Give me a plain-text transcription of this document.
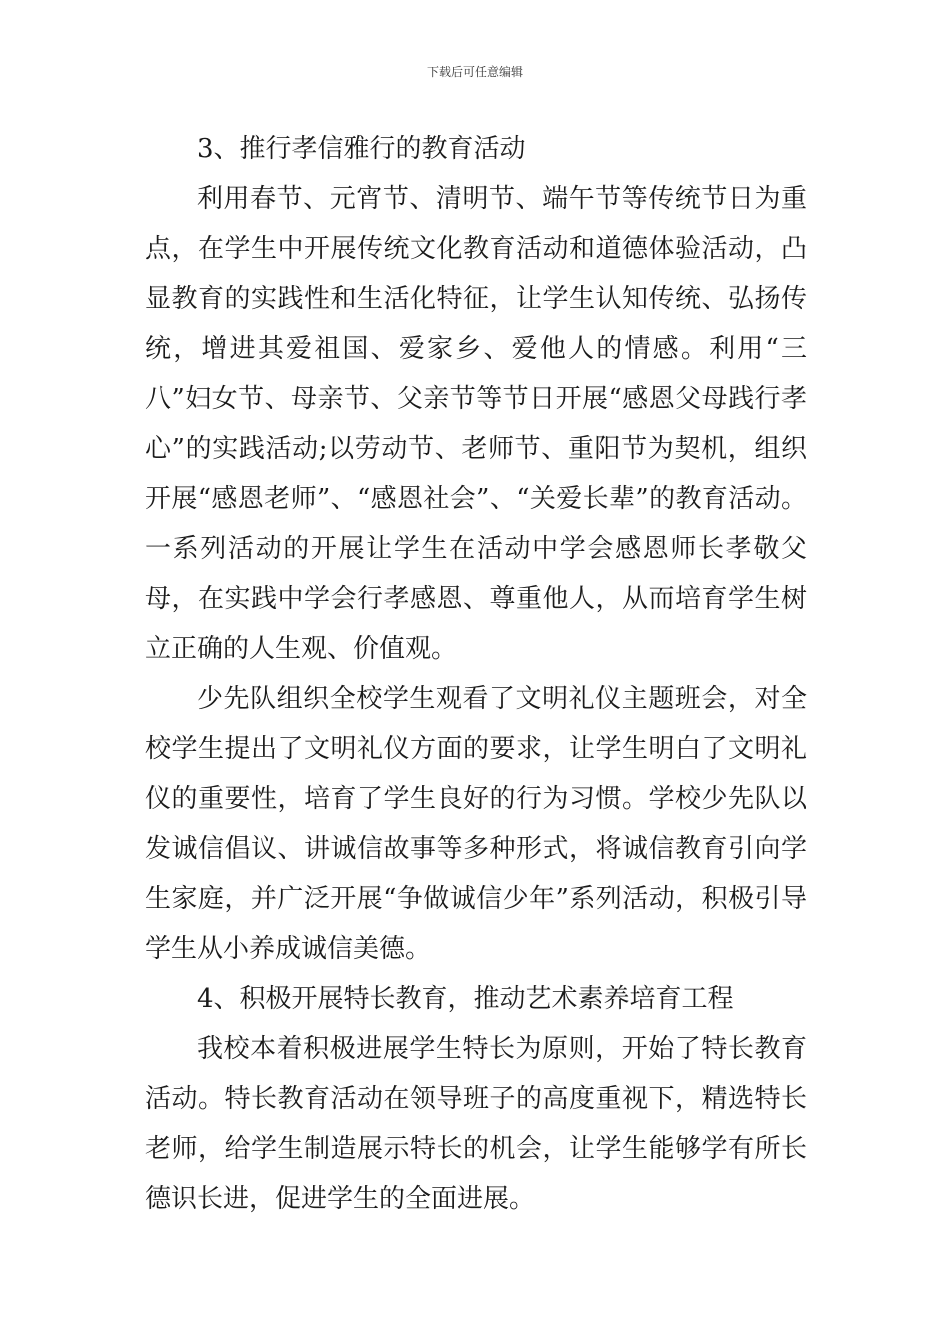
下载后可任意编辑

3、推行孝信雅行的教育活动

利用春节、元宵节、清明节、端午节等传统节日为重点，在学生中开展传统文化教育活动和道德体验活动，凸显教育的实践性和生活化特征，让学生认知传统、弘扬传统，增进其爱祖国、爱家乡、爱他人的情感。利用“三八”妇女节、母亲节、父亲节等节日开展“感恩父母践行孝心”的实践活动;以劳动节、老师节、重阳节为契机，组织开展“感恩老师”、“感恩社会”、“关爱长辈”的教育活动。一系列活动的开展让学生在活动中学会感恩师长孝敬父母，在实践中学会行孝感恩、尊重他人，从而培育学生树立正确的人生观、价值观。

少先队组织全校学生观看了文明礼仪主题班会，对全校学生提出了文明礼仪方面的要求，让学生明白了文明礼仪的重要性，培育了学生良好的行为习惯。学校少先队以发诚信倡议、讲诚信故事等多种形式，将诚信教育引向学生家庭，并广泛开展“争做诚信少年”系列活动，积极引导学生从小养成诚信美德。

4、积极开展特长教育，推动艺术素养培育工程

我校本着积极进展学生特长为原则，开始了特长教育活动。特长教育活动在领导班子的高度重视下，精选特长老师，给学生制造展示特长的机会，让学生能够学有所长德识长进，促进学生的全面进展。
